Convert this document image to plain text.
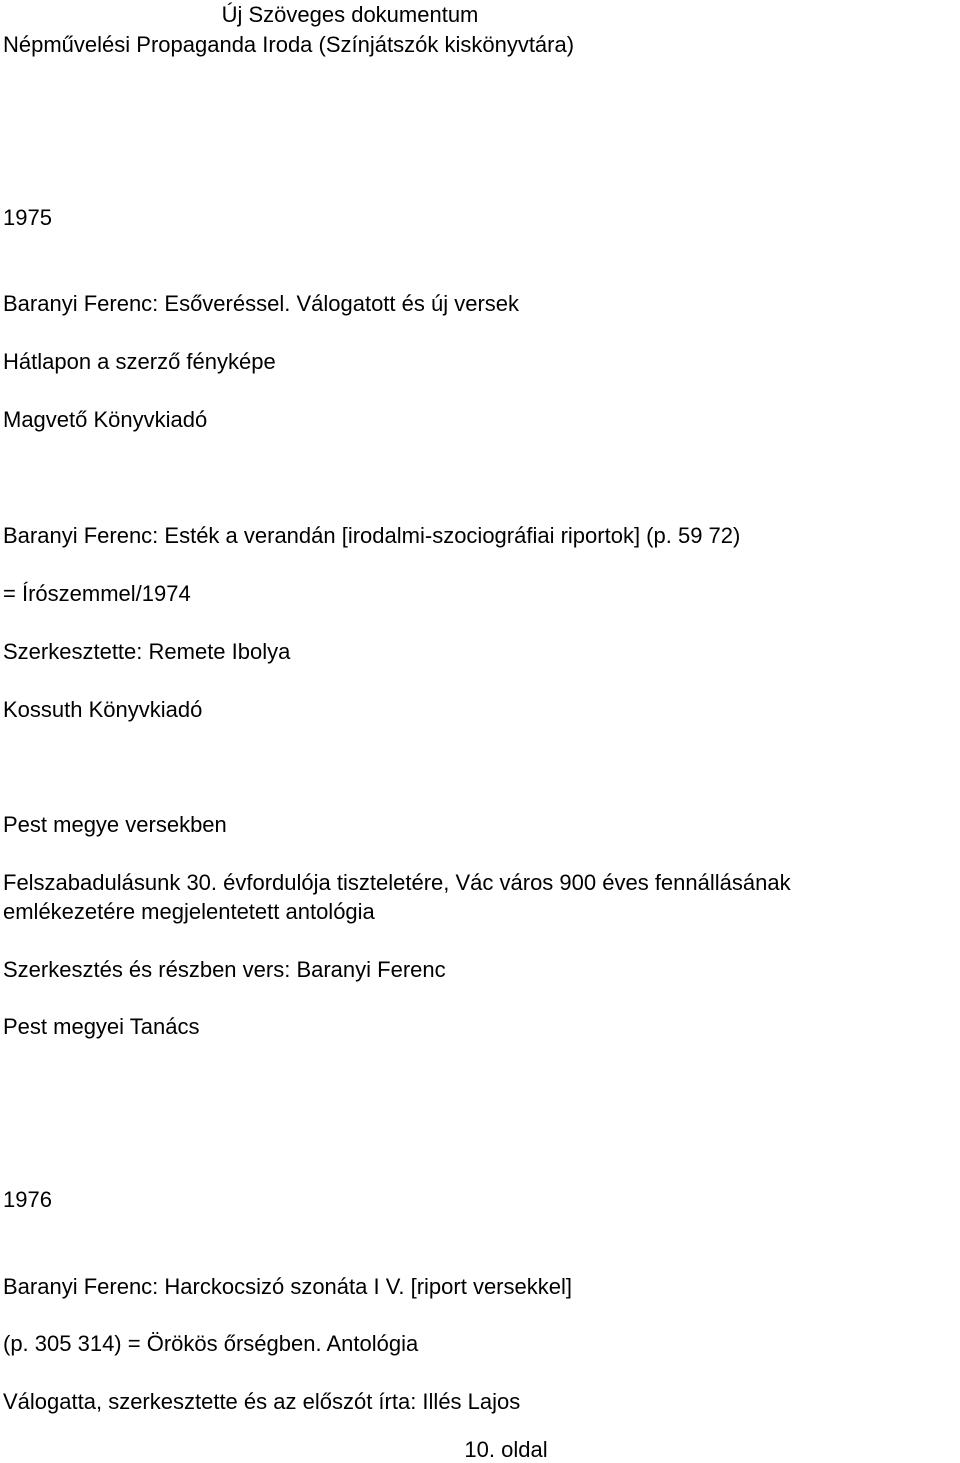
Új Szöveges dokumentum

Népművelési Propaganda Iroda (Színjátszók kiskönyvtára)

1975

Baranyi Ferenc: Esőveréssel. Válogatott és új versek

Hátlapon a szerző fényképe

Magvető Könyvkiadó

Baranyi Ferenc: Esték a verandán [irodalmi-szociográfiai riportok] (p. 59 72)

= Írószemmel/1974

Szerkesztette: Remete Ibolya

Kossuth Könyvkiadó

Pest megye versekben

Felszabadulásunk 30. évfordulója tiszteletére, Vác város 900 éves fennállásának

emlékezetére megjelentetett antológia

Szerkesztés és részben vers: Baranyi Ferenc

Pest megyei Tanács

1976

Baranyi Ferenc: Harckocsizó szonáta I V. [riport versekkel]

(p. 305 314) = Örökös őrségben. Antológia

Válogatta, szerkesztette és az előszót írta: Illés Lajos

10. oldal
